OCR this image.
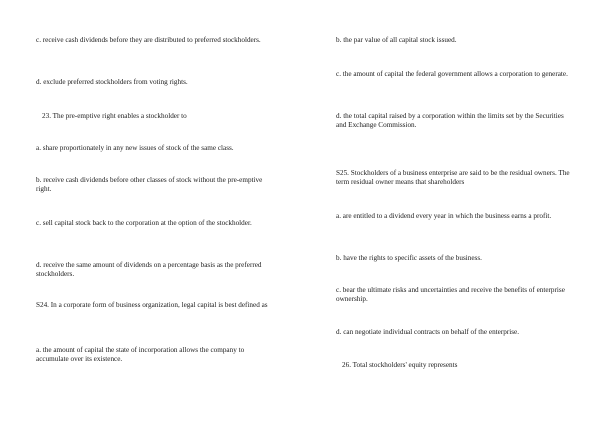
c. receive cash dividends before they are distributed to preferred stockholders.

d. exclude preferred stockholders from voting rights.

23. The pre-emptive right enables a stockholder to

a. share proportionately in any new issues of stock of the same class.

b. receive cash dividends before other classes of stock without the pre-emptive right.

c. sell capital stock back to the corporation at the option of the stockholder.

d. receive the same amount of dividends on a percentage basis as the preferred stockholders.

S24. In a corporate form of business organization, legal capital is best defined as

a. the amount of capital the state of incorporation allows the company to accumulate over its existence.

b. the par value of all capital stock issued.

c. the amount of capital the federal government allows a corporation to generate.

d. the total capital raised by a corporation within the limits set by the Securities and Exchange Commission.

S25. Stockholders of a business enterprise are said to be the residual owners. The term residual owner means that shareholders

a. are entitled to a dividend every year in which the business earns a profit.

b. have the rights to specific assets of the business.

c. bear the ultimate risks and uncertainties and receive the benefits of enterprise ownership.

d. can negotiate individual contracts on behalf of the enterprise.

26. Total stockholders' equity represents
